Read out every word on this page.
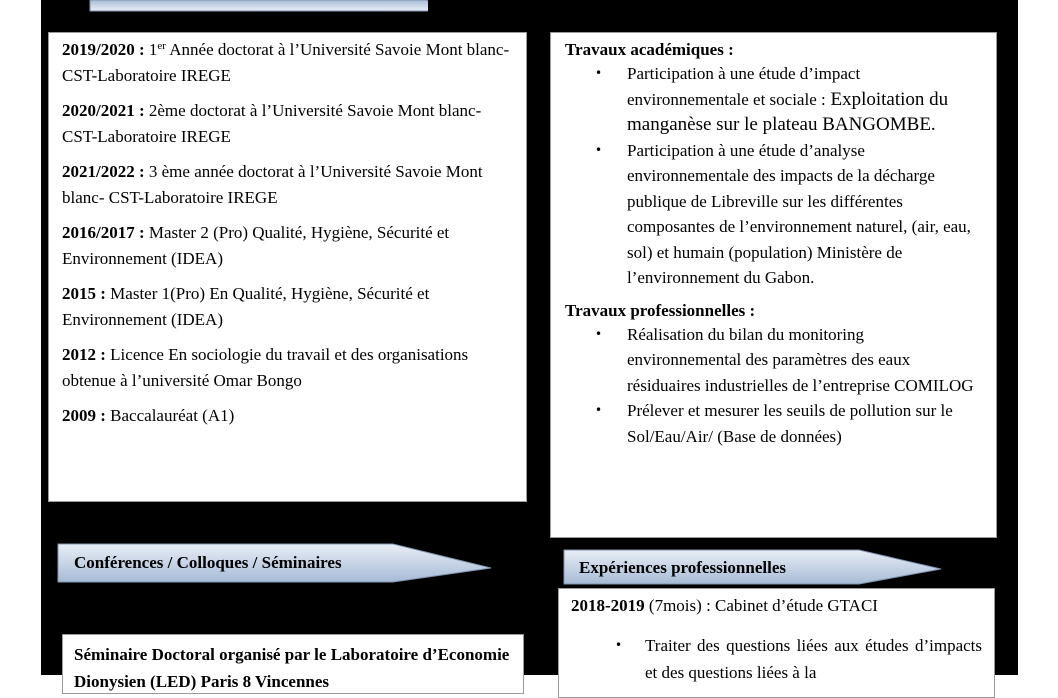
2019/2020 : 1er Année doctorat à l’Université Savoie Mont blanc- CST-Laboratoire IREGE
2020/2021 : 2ème doctorat à l’Université Savoie Mont blanc- CST-Laboratoire IREGE
2021/2022 : 3 ème année doctorat à l’Université Savoie Mont blanc- CST-Laboratoire IREGE
2016/2017 : Master 2 (Pro) Qualité, Hygiène, Sécurité et Environnement (IDEA)
2015 : Master 1(Pro) En Qualité, Hygiène, Sécurité et Environnement (IDEA)
2012 : Licence En sociologie du travail et des organisations obtenue à l’université Omar Bongo
2009 : Baccalauréat (A1)
Travaux académiques :
• Participation à une étude d’impact environnementale et sociale : Exploitation du manganèse sur le plateau BANGOMBE.
• Participation à une étude d’analyse environnementale des impacts de la décharge publique de Libreville sur les différentes composantes de l’environnement naturel, (air, eau, sol) et humain (population) Ministère de l’environnement du Gabon.
Travaux professionnelles :
• Réalisation du bilan du monitoring environnemental des paramètres des eaux résiduaires industrielles de l’entreprise COMILOG
• Prélever et mesurer les seuils de pollution sur le Sol/Eau/Air/ (Base de données)
Conférences / Colloques / Séminaires	Expériences professionnelles
Séminaire Doctoral organisé par le Laboratoire d’Economie Dionysien (LED) Paris 8 Vincennes
2018-2019 (7mois) : Cabinet d’étude GTACI
• Traiter des questions liées aux études d’impacts et des questions liées à la
